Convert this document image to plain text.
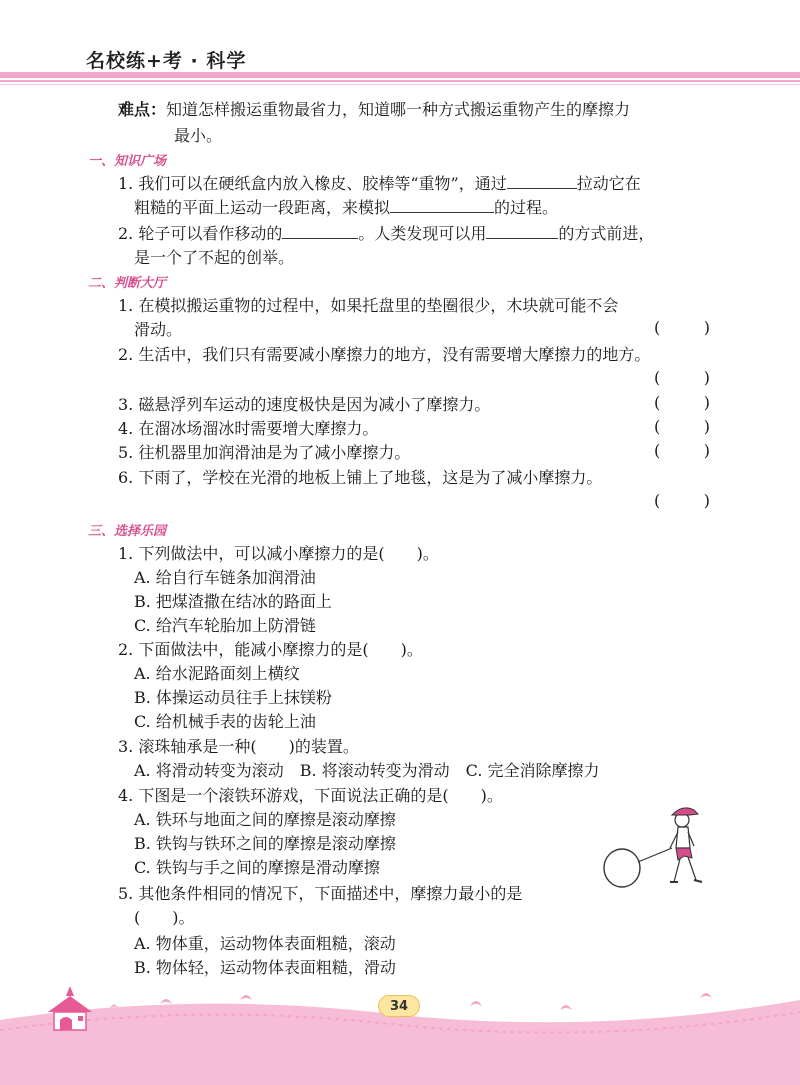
名校练+考 · 科学
难点：知道怎样搬运重物最省力，知道哪一种方式搬运重物产生的摩擦力
最小。
一、知识广场
1. 我们可以在硬纸盒内放入橡皮、胶棒等“重物”，通过	拉动它在
粗糙的平面上运动一段距离，来模拟	的过程。
2. 轮子可以看作移动的	。人类发现可以用	的方式前进，
是一个了不起的创举。
二、判断大厅
1. 在模拟搬运重物的过程中，如果托盘里的垫圈很少，木块就可能不会
滑动。	(	)
2. 生活中，我们只有需要减小摩擦力的地方，没有需要增大摩擦力的地方。
(	)
3. 磁悬浮列车运动的速度极快是因为减小了摩擦力。	(	)
4. 在溜冰场溜冰时需要增大摩擦力。	(	)
5. 往机器里加润滑油是为了减小摩擦力。	(	)
6. 下雨了，学校在光滑的地板上铺上了地毯，这是为了减小摩擦力。
(	)
三、选择乐园
1. 下列做法中，可以减小摩擦力的是(　　)。
A. 给自行车链条加润滑油
B. 把煤渣撒在结冰的路面上
C. 给汽车轮胎加上防滑链
2. 下面做法中，能减小摩擦力的是(　　)。
A. 给水泥路面刻上横纹
B. 体操运动员往手上抹镁粉
C. 给机械手表的齿轮上油
3. 滚珠轴承是一种(　　)的装置。
A. 将滑动转变为滚动　B. 将滚动转变为滑动　C. 完全消除摩擦力
4. 下图是一个滚铁环游戏，下面说法正确的是(　　)。
A. 铁环与地面之间的摩擦是滚动摩擦
B. 铁钩与铁环之间的摩擦是滚动摩擦
C. 铁钩与手之间的摩擦是滑动摩擦
5. 其他条件相同的情况下，下面描述中，摩擦力最小的是
(　　)。
A. 物体重，运动物体表面粗糙，滚动
B. 物体轻，运动物体表面粗糙，滑动
34
